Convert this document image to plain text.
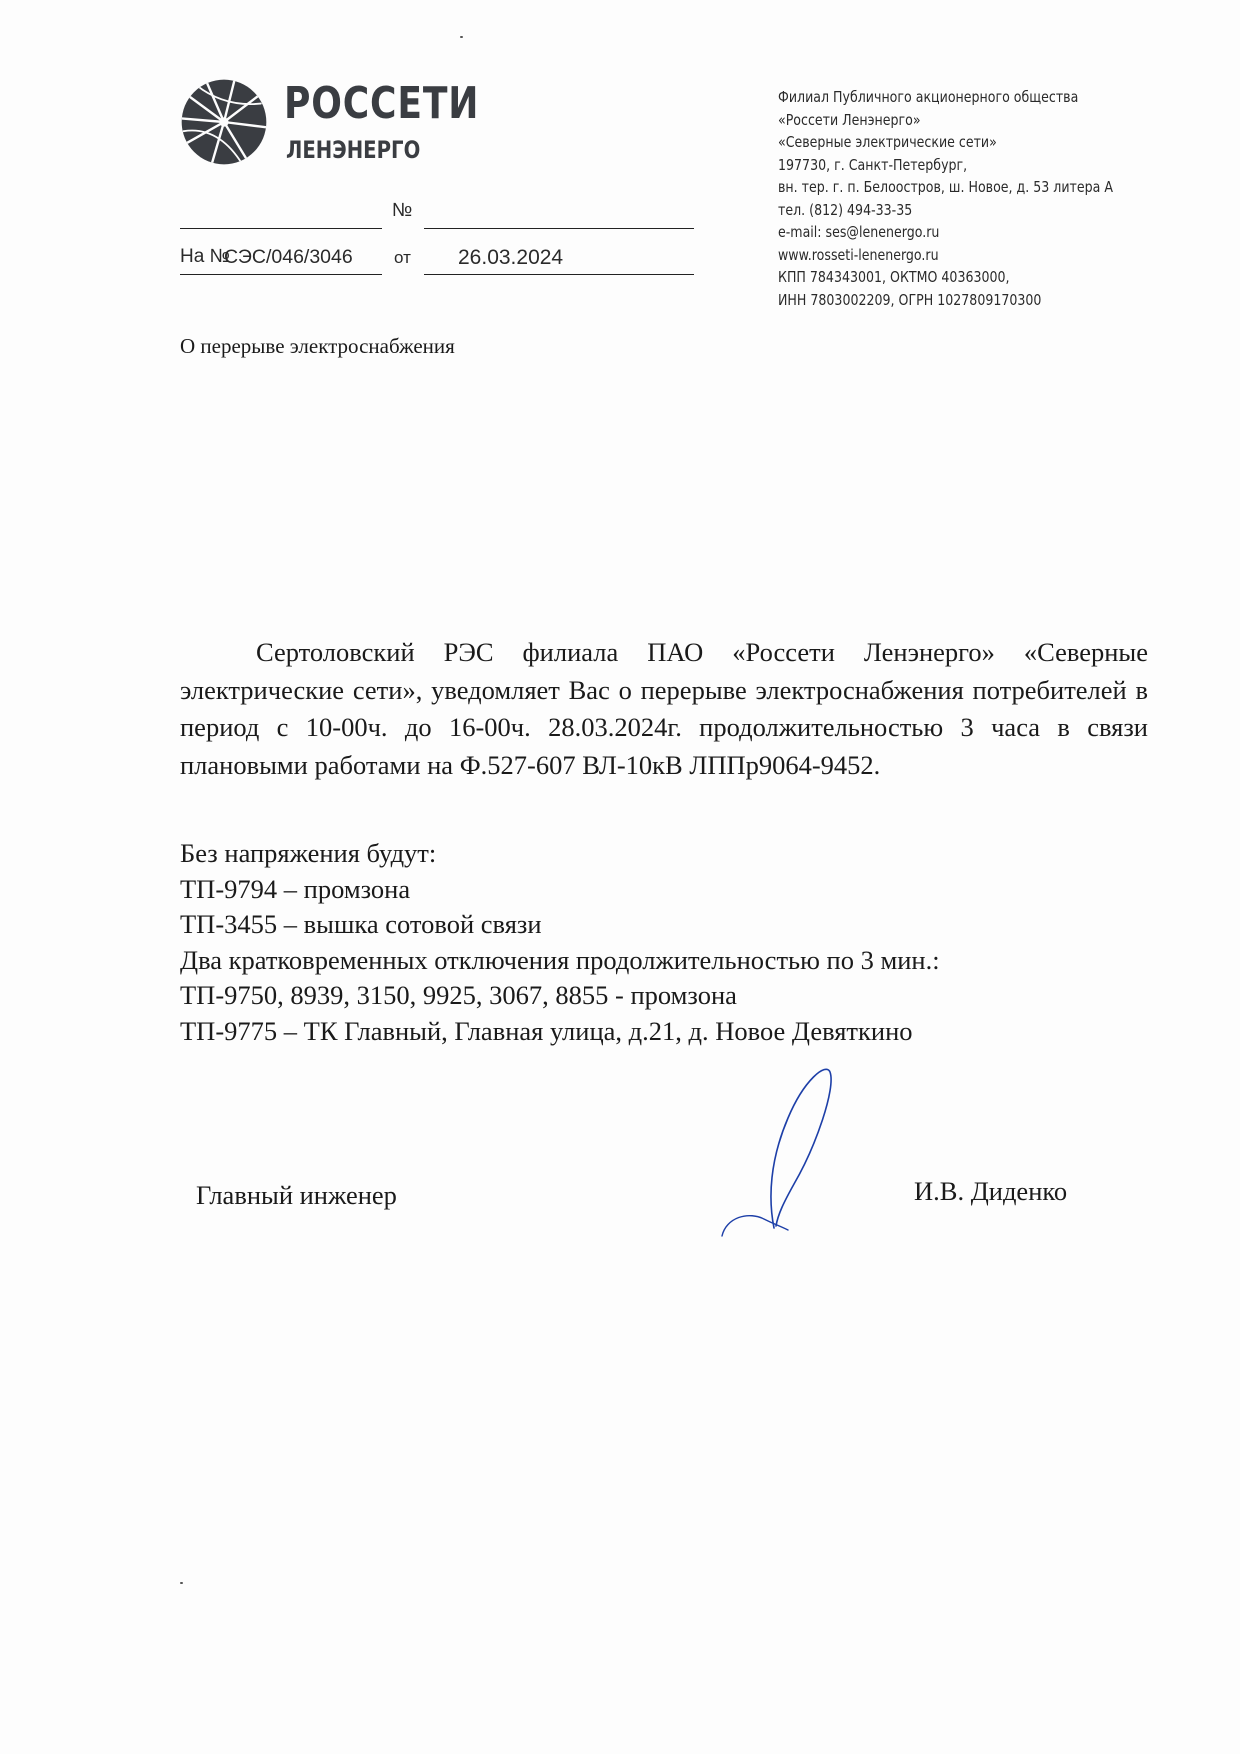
РОССЕТИ
ЛЕНЭНЕРГО
Филиал Публичного акционерного общества
«Россети Ленэнерго»
«Северные электрические сети»
197730, г. Санкт-Петербург,
вн. тер. г. п. Белоостров, ш. Новое, д. 53 литера А
тел. (812) 494-33-35
e-mail: ses@lenenergo.ru
www.rosseti-lenenergo.ru
КПП 784343001, ОКТМО 40363000,
ИНН 7803002209, ОГРН 1027809170300
№
На №
СЭС/046/3046 от 26.03.2024
О перерыве электроснабжения
Сертоловский РЭС филиала ПАО «Россети Ленэнерго» «Северные электрические сети», уведомляет Вас о перерыве электроснабжения потребителей в период с 10-00ч. до 16-00ч. 28.03.2024г. продолжительностью 3 часа в связи плановыми работами на Ф.527-607 ВЛ-10кВ ЛППр9064-9452.
Без напряжения будут:
ТП-9794 – промзона
ТП-3455 – вышка сотовой связи
Два кратковременных отключения продолжительностью по 3 мин.:
ТП-9750, 8939, 3150, 9925, 3067, 8855 - промзона
ТП-9775 – ТК Главный, Главная улица, д.21, д. Новое Девяткино
Главный инженер	И.В. Диденко
